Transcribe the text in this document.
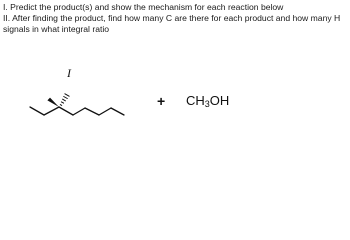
I. Predict the product(s) and show the mechanism for each reaction below

II. After finding the product, find how many C are there for each product and how many H

signals in what integral ratio

I
+ $CH_3OH$
